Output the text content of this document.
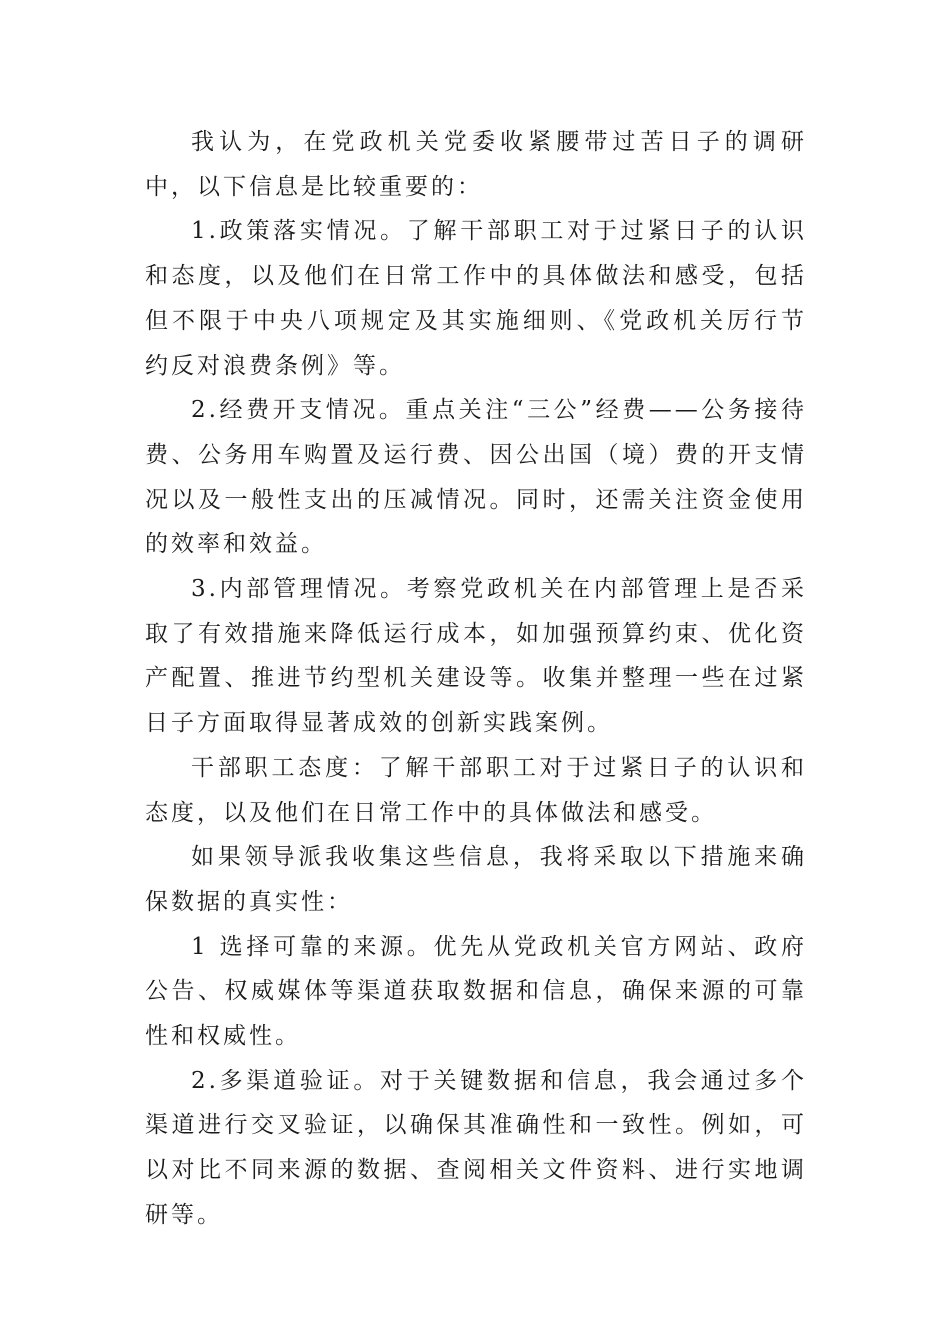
我认为，在党政机关党委收紧腰带过苦日子的调研中，以下信息是比较重要的：

1.政策落实情况。了解干部职工对于过紧日子的认识和态度，以及他们在日常工作中的具体做法和感受，包括但不限于中央八项规定及其实施细则、《党政机关厉行节约反对浪费条例》等。

2.经费开支情况。重点关注“三公”经费——公务接待费、公务用车购置及运行费、因公出国（境）费的开支情况以及一般性支出的压减情况。同时，还需关注资金使用的效率和效益。

3.内部管理情况。考察党政机关在内部管理上是否采取了有效措施来降低运行成本，如加强预算约束、优化资产配置、推进节约型机关建设等。收集并整理一些在过紧日子方面取得显著成效的创新实践案例。

干部职工态度：了解干部职工对于过紧日子的认识和态度，以及他们在日常工作中的具体做法和感受。

如果领导派我收集这些信息，我将采取以下措施来确保数据的真实性：

1 选择可靠的来源。优先从党政机关官方网站、政府公告、权威媒体等渠道获取数据和信息，确保来源的可靠性和权威性。

2.多渠道验证。对于关键数据和信息，我会通过多个渠道进行交叉验证，以确保其准确性和一致性。例如，可以对比不同来源的数据、查阅相关文件资料、进行实地调研等。
